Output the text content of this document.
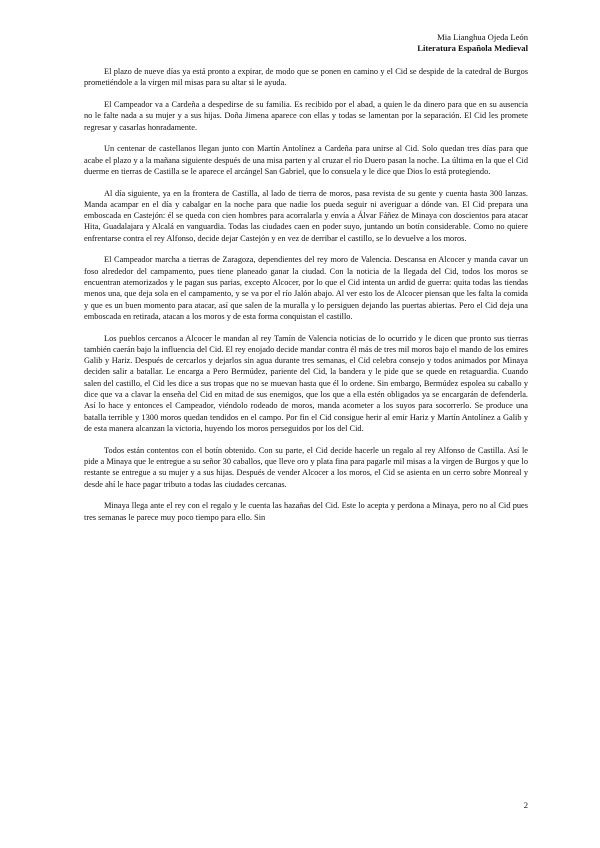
Mia Lianghua Ojeda León
Literatura Española Medieval

El plazo de nueve días ya está pronto a expirar, de modo que se ponen en camino y el Cid se despide de la catedral de Burgos prometiéndole a la virgen mil misas para su altar si le ayuda.

El Campeador va a Cardeña a despedirse de su familia. Es recibido por el abad, a quien le da dinero para que en su ausencia no le falte nada a su mujer y a sus hijas. Doña Jimena aparece con ellas y todas se lamentan por la separación. El Cid les promete regresar y casarlas honradamente.

Un centenar de castellanos llegan junto con Martín Antolínez a Cardeña para unirse al Cid. Solo quedan tres días para que acabe el plazo y a la mañana siguiente después de una misa parten y al cruzar el río Duero pasan la noche. La última en la que el Cid duerme en tierras de Castilla se le aparece el arcángel San Gabriel, que lo consuela y le dice que Dios lo está protegiendo.

Al día siguiente, ya en la frontera de Castilla, al lado de tierra de moros, pasa revista de su gente y cuenta hasta 300 lanzas. Manda acampar en el día y cabalgar en la noche para que nadie los pueda seguir ni averiguar a dónde van. El Cid prepara una emboscada en Castejón: él se queda con cien hombres para acorralarla y envía a Álvar Fáñez de Minaya con doscientos para atacar Hita, Guadalajara y Alcalá en vanguardia. Todas las ciudades caen en poder suyo, juntando un botín considerable. Como no quiere enfrentarse contra el rey Alfonso, decide dejar Castejón y en vez de derribar el castillo, se lo devuelve a los moros.

El Campeador marcha a tierras de Zaragoza, dependientes del rey moro de Valencia. Descansa en Alcocer y manda cavar un foso alrededor del campamento, pues tiene planeado ganar la ciudad. Con la noticia de la llegada del Cid, todos los moros se encuentran atemorizados y le pagan sus parias, excepto Alcocer, por lo que el Cid intenta un ardid de guerra: quita todas las tiendas menos una, que deja sola en el campamento, y se va por el río Jalón abajo. Al ver esto los de Alcocer piensan que les falta la comida y que es un buen momento para atacar, así que salen de la muralla y lo persiguen dejando las puertas abiertas. Pero el Cid deja una emboscada en retirada, atacan a los moros y de esta forma conquistan el castillo.

Los pueblos cercanos a Alcocer le mandan al rey Tamín de Valencia noticias de lo ocurrido y le dicen que pronto sus tierras también caerán bajo la influencia del Cid. El rey enojado decide mandar contra él más de tres mil moros bajo el mando de los emires Galib y Hariz. Después de cercarlos y dejarlos sin agua durante tres semanas, el Cid celebra consejo y todos animados por Minaya deciden salir a batallar. Le encarga a Pero Bermúdez, pariente del Cid, la bandera y le pide que se quede en retaguardia. Cuando salen del castillo, el Cid les dice a sus tropas que no se muevan hasta que él lo ordene. Sin embargo, Bermúdez espolea su caballo y dice que va a clavar la enseña del Cid en mitad de sus enemigos, que los que a ella estén obligados ya se encargarán de defenderla. Así lo hace y entonces el Campeador, viéndolo rodeado de moros, manda acometer a los suyos para socorrerlo. Se produce una batalla terrible y 1300 moros quedan tendidos en el campo. Por fin el Cid consigue herir al emir Hariz y Martín Antolínez a Galib y de esta manera alcanzan la victoria, huyendo los moros perseguidos por los del Cid.

Todos están contentos con el botín obtenido. Con su parte, el Cid decide hacerle un regalo al rey Alfonso de Castilla. Así le pide a Minaya que le entregue a su señor 30 caballos, que lleve oro y plata fina para pagarle mil misas a la virgen de Burgos y que lo restante se entregue a su mujer y a sus hijas. Después de vender Alcocer a los moros, el Cid se asienta en un cerro sobre Monreal y desde ahí le hace pagar tributo a todas las ciudades cercanas.

Minaya llega ante el rey con el regalo y le cuenta las hazañas del Cid. Este lo acepta y perdona a Minaya, pero no al Cid pues tres semanas le parece muy poco tiempo para ello. Sin

2
